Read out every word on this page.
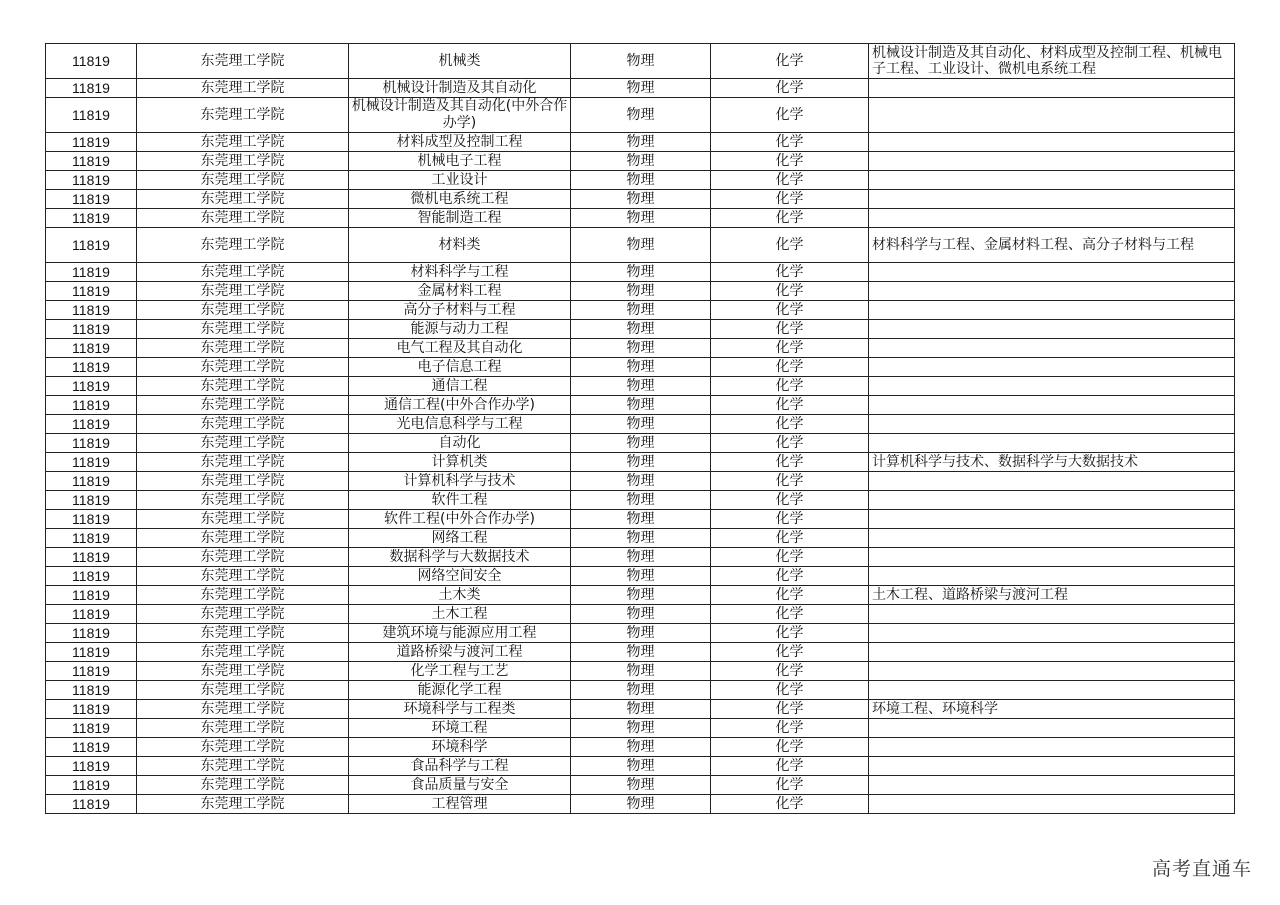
11819	东莞理工学院	机械类	物理	化学	机械设计制造及其自动化、材料成型及控制工程、机械电子工程、工业设计、微机电系统工程
11819	东莞理工学院	机械设计制造及其自动化	物理	化学	
11819	东莞理工学院	机械设计制造及其自动化(中外合作办学)	物理	化学	
11819	东莞理工学院	材料成型及控制工程	物理	化学	
11819	东莞理工学院	机械电子工程	物理	化学	
11819	东莞理工学院	工业设计	物理	化学	
11819	东莞理工学院	微机电系统工程	物理	化学	
11819	东莞理工学院	智能制造工程	物理	化学	
11819	东莞理工学院	材料类	物理	化学	材料科学与工程、金属材料工程、高分子材料与工程
11819	东莞理工学院	材料科学与工程	物理	化学	
11819	东莞理工学院	金属材料工程	物理	化学	
11819	东莞理工学院	高分子材料与工程	物理	化学	
11819	东莞理工学院	能源与动力工程	物理	化学	
11819	东莞理工学院	电气工程及其自动化	物理	化学	
11819	东莞理工学院	电子信息工程	物理	化学	
11819	东莞理工学院	通信工程	物理	化学	
11819	东莞理工学院	通信工程(中外合作办学)	物理	化学	
11819	东莞理工学院	光电信息科学与工程	物理	化学	
11819	东莞理工学院	自动化	物理	化学	
11819	东莞理工学院	计算机类	物理	化学	计算机科学与技术、数据科学与大数据技术
11819	东莞理工学院	计算机科学与技术	物理	化学	
11819	东莞理工学院	软件工程	物理	化学	
11819	东莞理工学院	软件工程(中外合作办学)	物理	化学	
11819	东莞理工学院	网络工程	物理	化学	
11819	东莞理工学院	数据科学与大数据技术	物理	化学	
11819	东莞理工学院	网络空间安全	物理	化学	
11819	东莞理工学院	土木类	物理	化学	土木工程、道路桥梁与渡河工程
11819	东莞理工学院	土木工程	物理	化学	
11819	东莞理工学院	建筑环境与能源应用工程	物理	化学	
11819	东莞理工学院	道路桥梁与渡河工程	物理	化学	
11819	东莞理工学院	化学工程与工艺	物理	化学	
11819	东莞理工学院	能源化学工程	物理	化学	
11819	东莞理工学院	环境科学与工程类	物理	化学	环境工程、环境科学
11819	东莞理工学院	环境工程	物理	化学	
11819	东莞理工学院	环境科学	物理	化学	
11819	东莞理工学院	食品科学与工程	物理	化学	
11819	东莞理工学院	食品质量与安全	物理	化学	
11819	东莞理工学院	工程管理	物理	化学	
高考直通车
